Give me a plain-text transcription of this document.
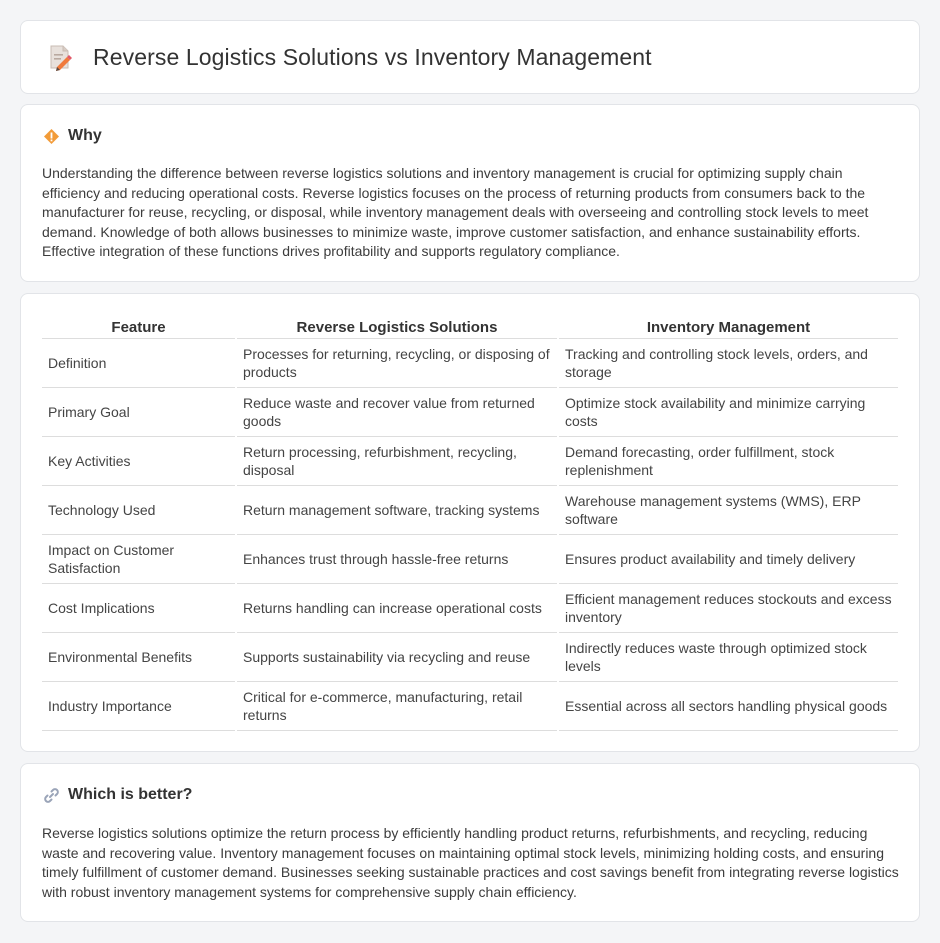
Reverse Logistics Solutions vs Inventory Management
Why

Understanding the difference between reverse logistics solutions and inventory management is crucial for optimizing supply chain efficiency and reducing operational costs. Reverse logistics focuses on the process of returning products from consumers back to the manufacturer for reuse, recycling, or disposal, while inventory management deals with overseeing and controlling stock levels to meet demand. Knowledge of both allows businesses to minimize waste, improve customer satisfaction, and enhance sustainability efforts. Effective integration of these functions drives profitability and supports regulatory compliance.

Feature	Reverse Logistics Solutions	Inventory Management
Definition	Processes for returning, recycling, or disposing of products	Tracking and controlling stock levels, orders, and storage
Primary Goal	Reduce waste and recover value from returned goods	Optimize stock availability and minimize carrying costs
Key Activities	Return processing, refurbishment, recycling, disposal	Demand forecasting, order fulfillment, stock replenishment
Technology Used	Return management software, tracking systems	Warehouse management systems (WMS), ERP software
Impact on Customer Satisfaction	Enhances trust through hassle-free returns	Ensures product availability and timely delivery
Cost Implications	Returns handling can increase operational costs	Efficient management reduces stockouts and excess inventory
Environmental Benefits	Supports sustainability via recycling and reuse	Indirectly reduces waste through optimized stock levels
Industry Importance	Critical for e-commerce, manufacturing, retail returns	Essential across all sectors handling physical goods
Which is better?

Reverse logistics solutions optimize the return process by efficiently handling product returns, refurbishments, and recycling, reducing waste and recovering value. Inventory management focuses on maintaining optimal stock levels, minimizing holding costs, and ensuring timely fulfillment of customer demand. Businesses seeking sustainable practices and cost savings benefit from integrating reverse logistics with robust inventory management systems for comprehensive supply chain efficiency.
